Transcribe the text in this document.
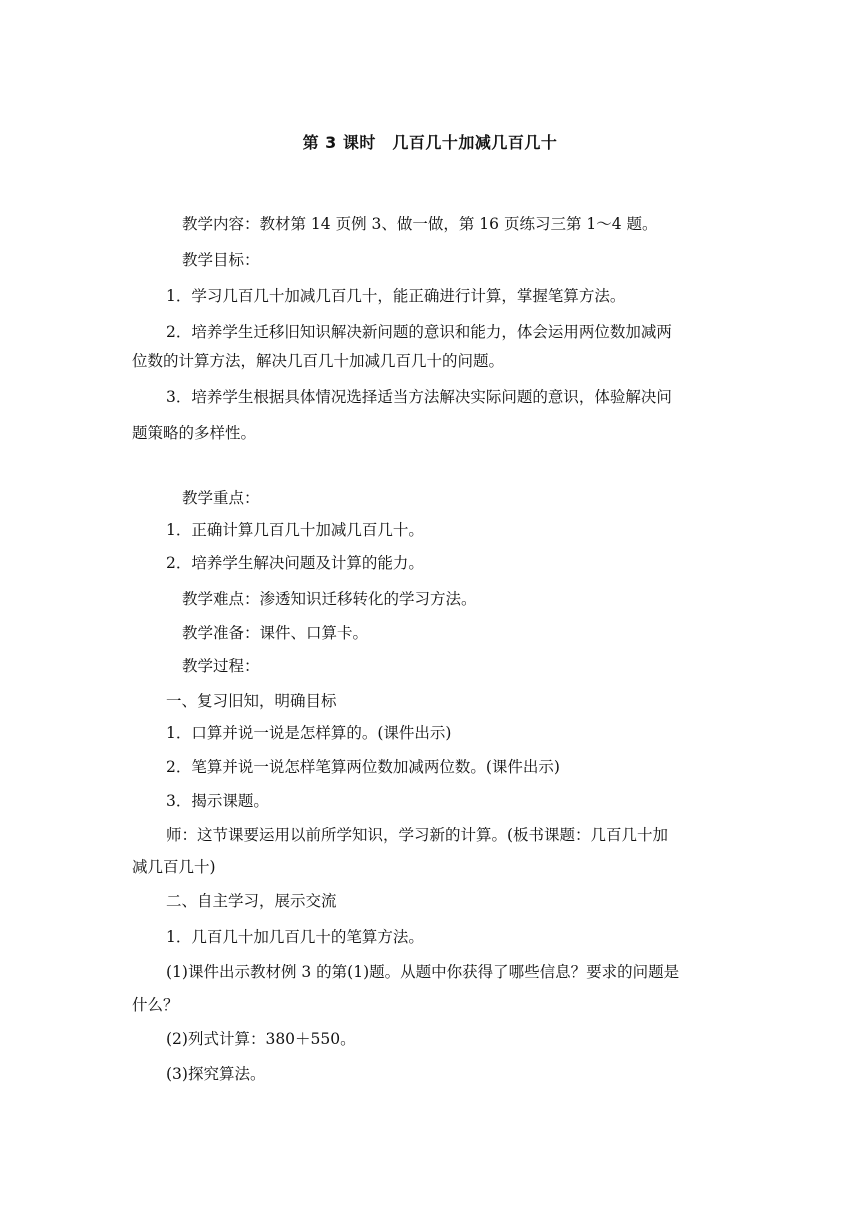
第 3 课时　几百几十加减几百几十
教学内容：教材第 14 页例 3、做一做，第 16 页练习三第 1～4 题。
教学目标：
1．学习几百几十加减几百几十，能正确进行计算，掌握笔算方法。
2．培养学生迁移旧知识解决新问题的意识和能力，体会运用两位数加减两
位数的计算方法，解决几百几十加减几百几十的问题。
3．培养学生根据具体情况选择适当方法解决实际问题的意识，体验解决问
题策略的多样性。
教学重点：
1．正确计算几百几十加减几百几十。
2．培养学生解决问题及计算的能力。
教学难点：渗透知识迁移转化的学习方法。
教学准备：课件、口算卡。
教学过程：
一、复习旧知，明确目标
1．口算并说一说是怎样算的。(课件出示)
2．笔算并说一说怎样笔算两位数加减两位数。(课件出示)
3．揭示课题。
师：这节课要运用以前所学知识，学习新的计算。(板书课题：几百几十加
减几百几十)
二、自主学习，展示交流
1．几百几十加几百几十的笔算方法。
(1)课件出示教材例 3 的第(1)题。从题中你获得了哪些信息？要求的问题是
什么？
(2)列式计算：380＋550。
(3)探究算法。
